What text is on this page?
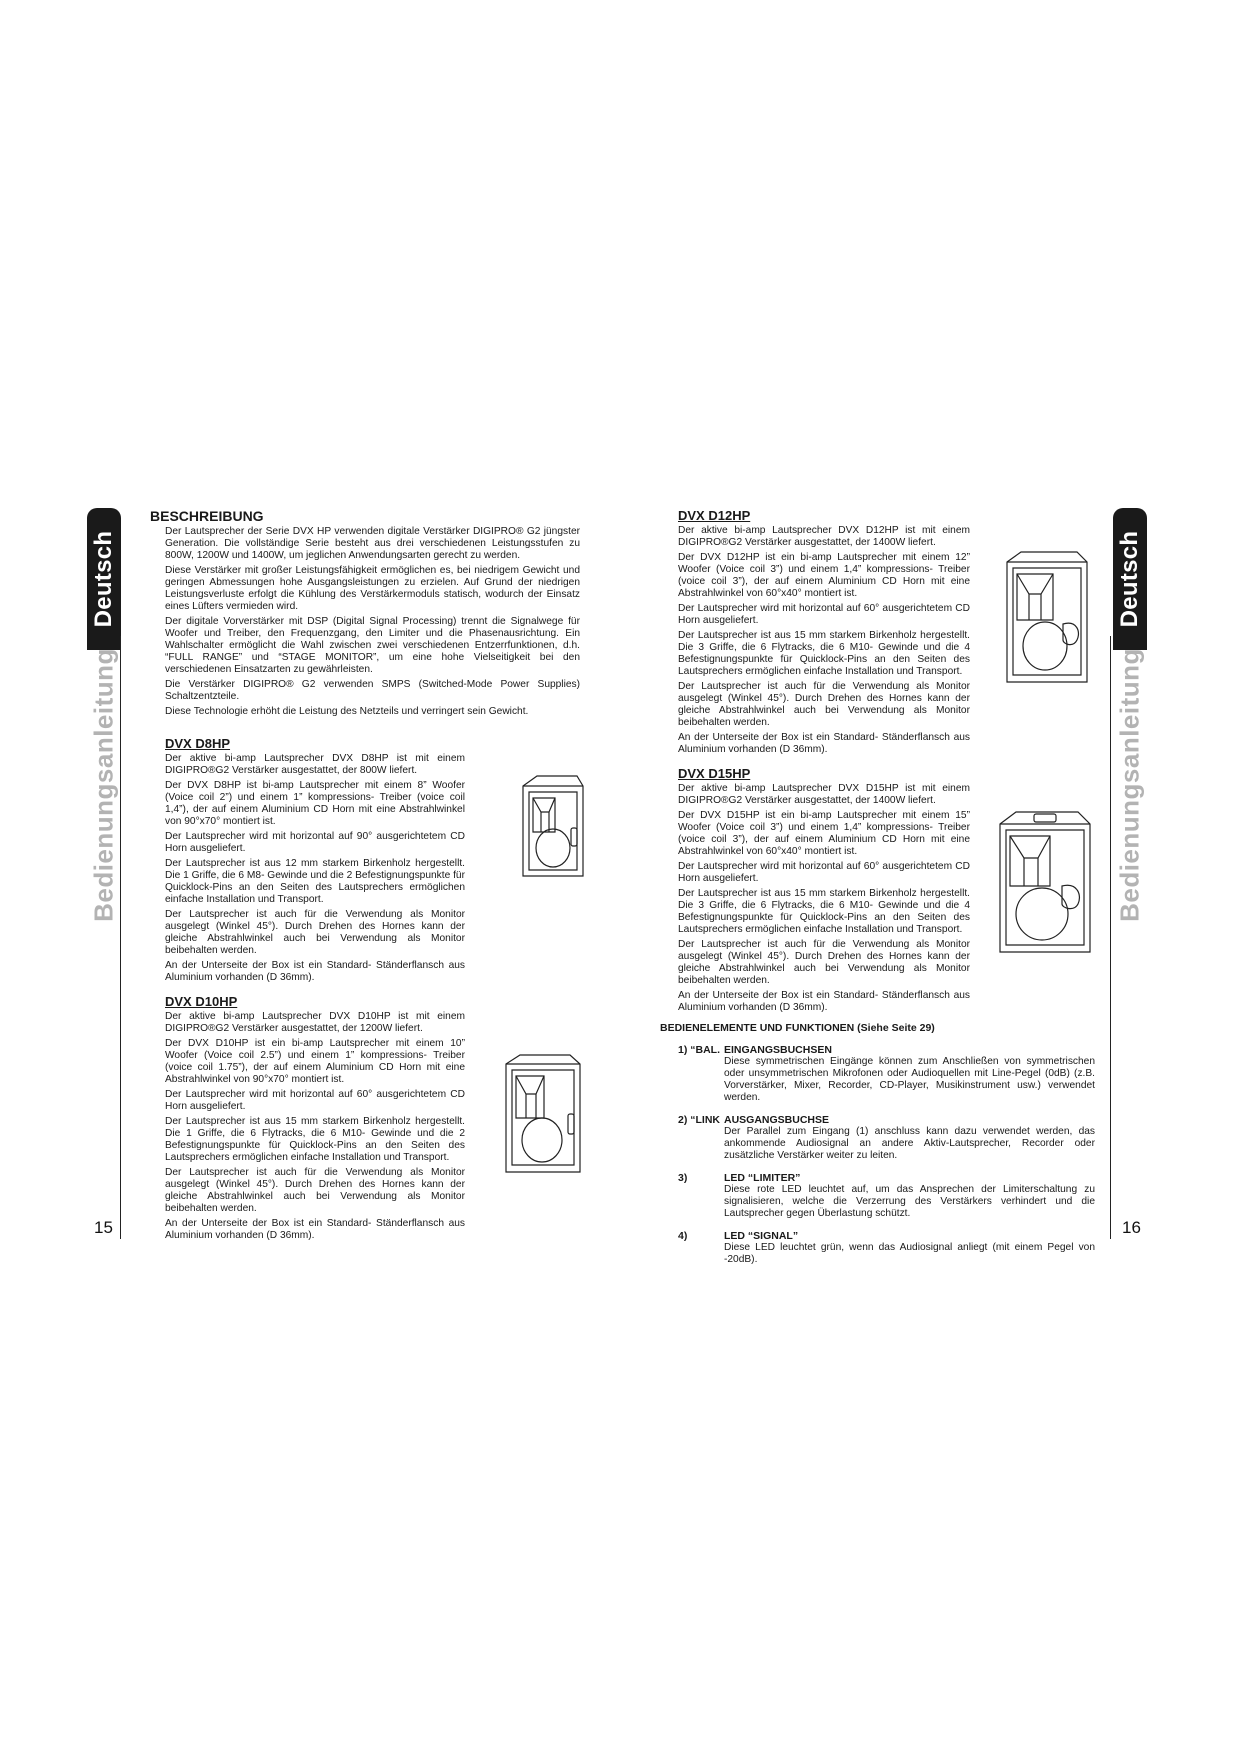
Deutsch
Bedienungsanleitung
15
Deutsch
Bedienungsanleitung
16
BESCHREIBUNG

Der Lautsprecher der Serie DVX HP verwenden digitale Verstärker DIGIPRO® G2 jüngster Generation. Die vollständige Serie besteht aus drei verschiedenen Leistungsstufen zu 800W, 1200W und 1400W, um jeglichen Anwendungsarten gerecht zu werden.

Diese Verstärker mit großer Leistungsfähigkeit ermöglichen es, bei niedrigem Gewicht und geringen Abmessungen hohe Ausgangsleistungen zu erzielen. Auf Grund der niedrigen Leistungsverluste erfolgt die Kühlung des Verstärkermoduls statisch, wodurch der Einsatz eines Lüfters vermieden wird.

Der digitale Vorverstärker mit DSP (Digital Signal Processing) trennt die Signalwege für Woofer und Treiber, den Frequenzgang, den Limiter und die Phasenausrichtung. Ein Wahlschalter ermöglicht die Wahl zwischen zwei verschiedenen Entzerrfunktionen, d.h. “FULL RANGE” und “STAGE MONITOR”, um eine hohe Vielseitigkeit bei den verschiedenen Einsatzarten zu gewährleisten.

Die Verstärker DIGIPRO® G2 verwenden SMPS (Switched-Mode Power Supplies) Schaltzentzteile.

Diese Technologie erhöht die Leistung des Netzteils und verringert sein Gewicht.

DVX D8HP

Der aktive bi-amp Lautsprecher DVX D8HP ist mit einem DIGIPRO®G2 Verstärker ausgestattet, der 800W liefert.

Der DVX D8HP ist bi-amp Lautsprecher mit einem 8” Woofer (Voice coil 2”) und einem 1” kompressions- Treiber (voice coil 1,4”), der auf einem Aluminium CD Horn mit eine Abstrahlwinkel von 90°x70° montiert ist.

Der Lautsprecher wird mit horizontal auf 90° ausgerichtetem CD Horn ausgeliefert.

Der Lautsprecher ist aus 12 mm starkem Birkenholz hergestellt. Die 1 Griffe, die 6 M8- Gewinde und die 2 Befestignungspunkte für Quicklock-Pins an den Seiten des Lautsprechers ermöglichen einfache Installation und Transport.

Der Lautsprecher ist auch für die Verwendung als Monitor ausgelegt (Winkel 45°). Durch Drehen des Hornes kann der gleiche Abstrahlwinkel auch bei Verwendung als Monitor beibehalten werden.

An der Unterseite der Box ist ein Standard- Ständerflansch aus Aluminium vorhanden (D 36mm).

DVX D10HP

Der aktive bi-amp Lautsprecher DVX D10HP ist mit einem DIGIPRO®G2 Verstärker ausgestattet, der 1200W liefert.

Der DVX D10HP ist ein bi-amp Lautsprecher mit einem 10” Woofer (Voice coil 2.5”) und einem 1” kompressions- Treiber (voice coil 1.75”), der auf einem Aluminium CD Horn mit eine Abstrahlwinkel von 90°x70° montiert ist.

Der Lautsprecher wird mit horizontal auf 60° ausgerichtetem CD Horn ausgeliefert.

Der Lautsprecher ist aus 15 mm starkem Birkenholz hergestellt. Die 1 Griffe, die 6 Flytracks, die 6 M10- Gewinde und die 2 Befestignungspunkte für Quicklock-Pins an den Seiten des Lautsprechers ermöglichen einfache Installation und Transport.

Der Lautsprecher ist auch für die Verwendung als Monitor ausgelegt (Winkel 45°). Durch Drehen des Hornes kann der gleiche Abstrahlwinkel auch bei Verwendung als Monitor beibehalten werden.

An der Unterseite der Box ist ein Standard- Ständerflansch aus Aluminium vorhanden (D 36mm).

DVX D12HP

Der aktive bi-amp Lautsprecher DVX D12HP ist mit einem DIGIPRO®G2 Verstärker ausgestattet, der 1400W liefert.

Der DVX D12HP ist ein bi-amp Lautsprecher mit einem 12” Woofer (Voice coil 3”) und einem 1,4” kompressions- Treiber (voice coil 3”), der auf einem Aluminium CD Horn mit eine Abstrahlwinkel von 60°x40° montiert ist.

Der Lautsprecher wird mit horizontal auf 60° ausgerichtetem CD Horn ausgeliefert.

Der Lautsprecher ist aus 15 mm starkem Birkenholz hergestellt. Die 3 Griffe, die 6 Flytracks, die 6 M10- Gewinde und die 4 Befestignungspunkte für Quicklock-Pins an den Seiten des Lautsprechers ermöglichen einfache Installation und Transport.

Der Lautsprecher ist auch für die Verwendung als Monitor ausgelegt (Winkel 45°). Durch Drehen des Hornes kann der gleiche Abstrahlwinkel auch bei Verwendung als Monitor beibehalten werden.

An der Unterseite der Box ist ein Standard- Ständerflansch aus Aluminium vorhanden (D 36mm).

DVX D15HP

Der aktive bi-amp Lautsprecher DVX D15HP ist mit einem DIGIPRO®G2 Verstärker ausgestattet, der 1400W liefert.

Der DVX D15HP ist ein bi-amp Lautsprecher mit einem 15” Woofer (Voice coil 3”) und einem 1,4” kompressions- Treiber (voice coil 3”), der auf einem Aluminium CD Horn mit eine Abstrahlwinkel von 60°x40° montiert ist.

Der Lautsprecher wird mit horizontal auf 60° ausgerichtetem CD Horn ausgeliefert.

Der Lautsprecher ist aus 15 mm starkem Birkenholz hergestellt. Die 3 Griffe, die 6 Flytracks, die 6 M10- Gewinde und die 4 Befestignungspunkte für Quicklock-Pins an den Seiten des Lautsprechers ermöglichen einfache Installation und Transport.

Der Lautsprecher ist auch für die Verwendung als Monitor ausgelegt (Winkel 45°). Durch Drehen des Hornes kann der gleiche Abstrahlwinkel auch bei Verwendung als Monitor beibehalten werden.

An der Unterseite der Box ist ein Standard- Ständerflansch aus Aluminium vorhanden (D 36mm).

BEDIENELEMENTE UND FUNKTIONEN (Siehe Seite 29)
1) “BAL. EINGANGSBUCHSEN
Diese symmetrischen Eingänge können zum Anschließen von symmetrischen oder unsymmetrischen Mikrofonen oder Audioquellen mit Line-Pegel (0dB) (z.B. Vorverstärker, Mixer, Recorder, CD-Player, Musikinstrument usw.) verwendet werden.
2) “LINK AUSGANGSBUCHSE
Der Parallel zum Eingang (1) anschluss kann dazu verwendet werden, das ankommende Audiosignal an andere Aktiv-Lautsprecher, Recorder oder zusätzliche Verstärker weiter zu leiten.
3)	LED “LIMITER”
Diese rote LED leuchtet auf, um das Ansprechen der Limiterschaltung zu signalisieren, welche die Verzerrung des Verstärkers verhindert und die Lautsprecher gegen Überlastung schützt.
4)	LED “SIGNAL”
Diese LED leuchtet grün, wenn das Audiosignal anliegt (mit einem Pegel von -20dB).
